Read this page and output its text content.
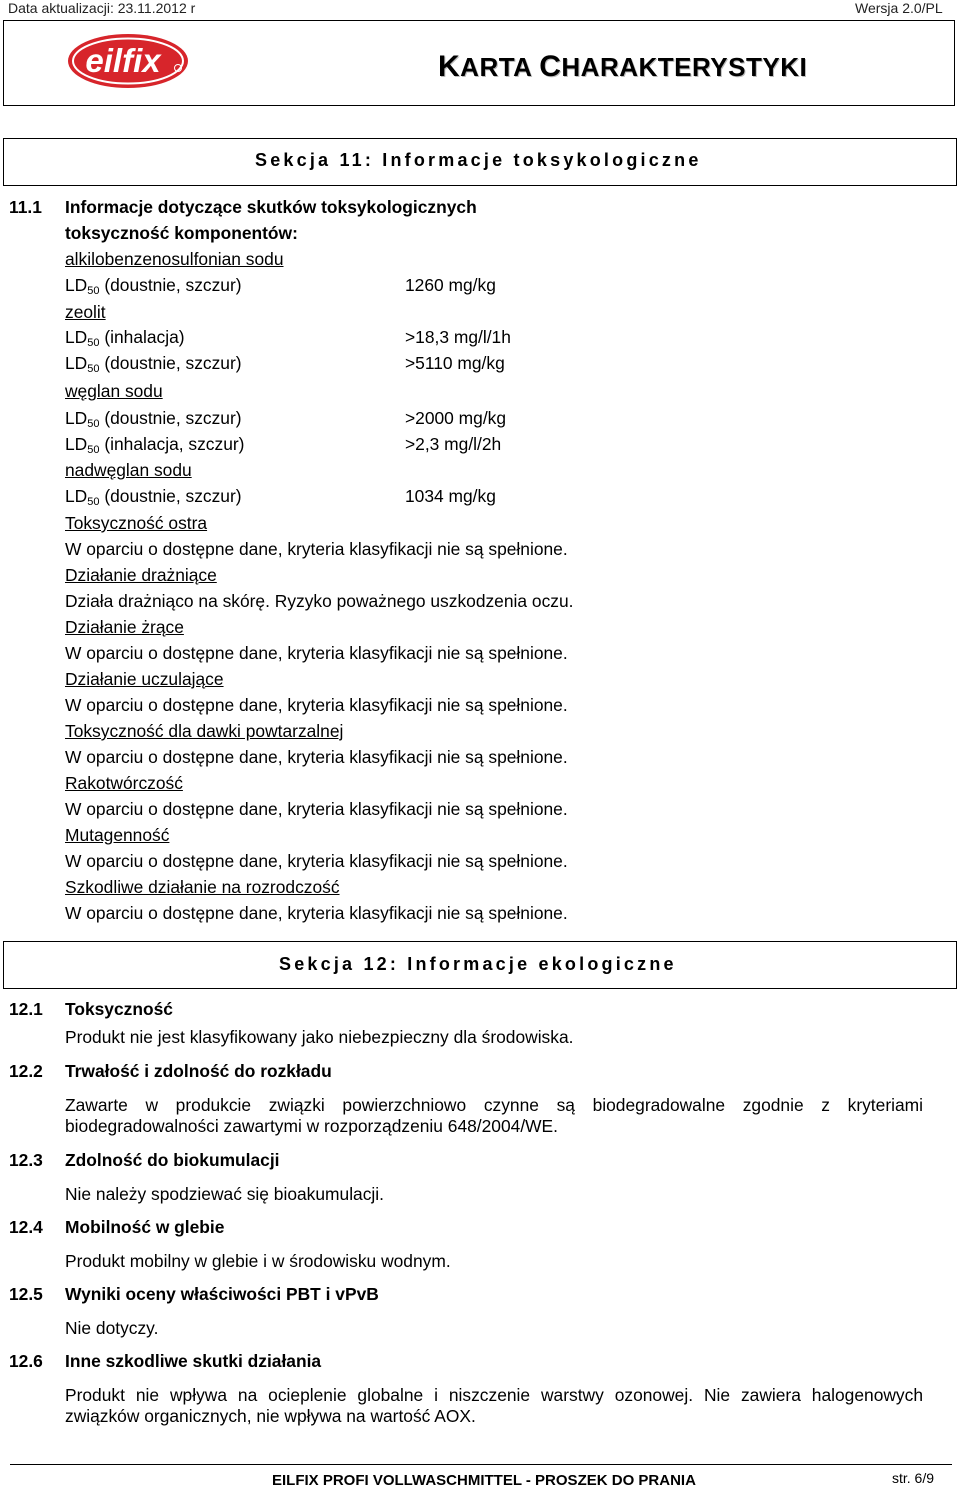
Data aktualizacji: 23.11.2012 r	Wersja 2.0/PL
eilfix	KARTA CHARAKTERYSTYKI
Sekcja 11: Informacje toksykologiczne
11.1 Informacje dotyczące skutków toksykologicznych
toksyczność komponentów:
alkilobenzenosulfonian sodu
$LD_{50}$ (doustnie, szczur)	1260 mg/kg
zeolit
$LD_{50}$ (inhalacja)	>18,3 mg/l/1h
$LD_{50}$ (doustnie, szczur)	>5110 mg/kg
węglan sodu
$LD_{50}$ (doustnie, szczur)	>2000 mg/kg
$LD_{50}$ (inhalacja, szczur)	>2,3 mg/l/2h
nadwęglan sodu
$LD_{50}$ (doustnie, szczur)	1034 mg/kg
Toksyczność ostra
W oparciu o dostępne dane, kryteria klasyfikacji nie są spełnione.
Działanie drażniące
Działa drażniąco na skórę. Ryzyko poważnego uszkodzenia oczu.
Działanie żrące
W oparciu o dostępne dane, kryteria klasyfikacji nie są spełnione.
Działanie uczulające
W oparciu o dostępne dane, kryteria klasyfikacji nie są spełnione.
Toksyczność dla dawki powtarzalnej
W oparciu o dostępne dane, kryteria klasyfikacji nie są spełnione.
Rakotwórczość
W oparciu o dostępne dane, kryteria klasyfikacji nie są spełnione.
Mutagenność
W oparciu o dostępne dane, kryteria klasyfikacji nie są spełnione.
Szkodliwe działanie na rozrodczość
W oparciu o dostępne dane, kryteria klasyfikacji nie są spełnione.
Sekcja 12: Informacje ekologiczne
12.1 Toksyczność
Produkt nie jest klasyfikowany jako niebezpieczny dla środowiska.
12.2 Trwałość i zdolność do rozkładu
Zawarte w produkcie związki powierzchniowo czynne są biodegradowalne zgodnie z kryteriami biodegradowalności zawartymi w rozporządzeniu 648/2004/WE.
12.3 Zdolność do biokumulacji
Nie należy spodziewać się bioakumulacji.
12.4 Mobilność w glebie
Produkt mobilny w glebie i w środowisku wodnym.
12.5 Wyniki oceny właściwości PBT i vPvB
Nie dotyczy.
12.6 Inne szkodliwe skutki działania
Produkt nie wpływa na ocieplenie globalne i niszczenie warstwy ozonowej. Nie zawiera halogenowych związków organicznych, nie wpływa na wartość AOX.
EILFIX PROFI VOLLWASCHMITTEL - PROSZEK DO PRANIA	str. 6/9
